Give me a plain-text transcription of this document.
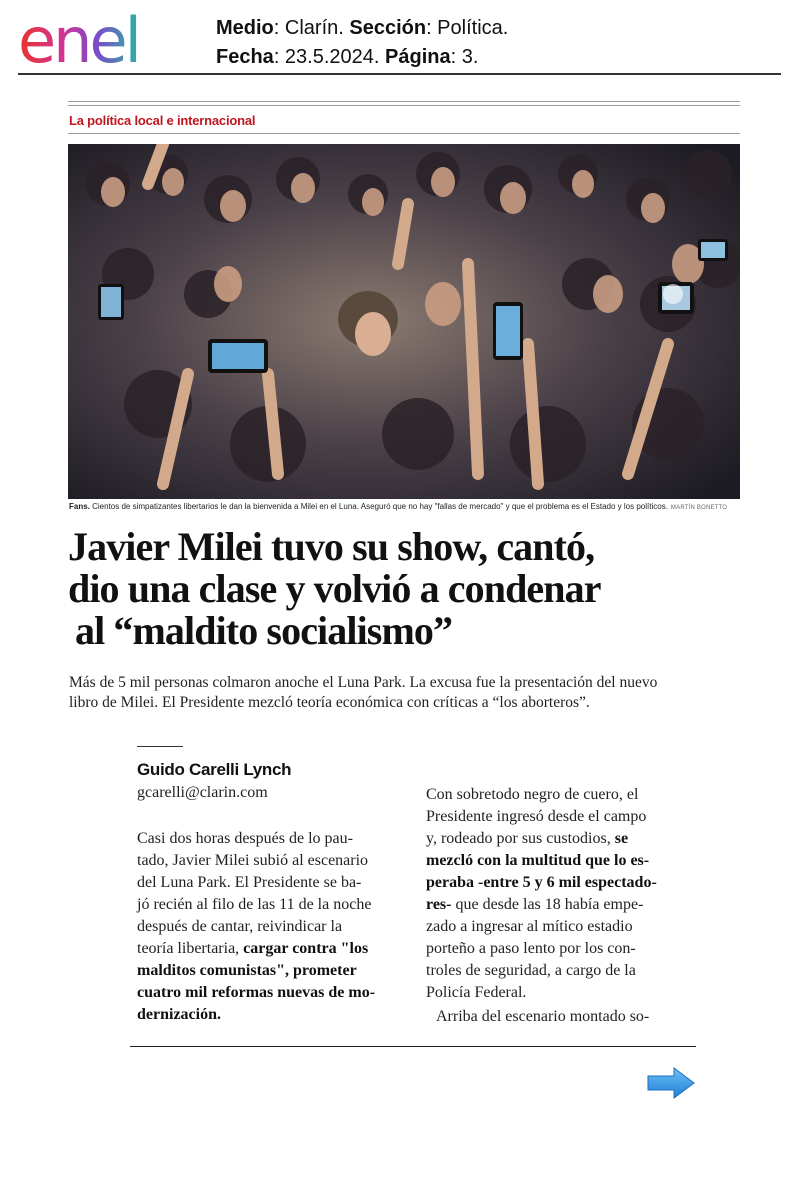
enel	Medio: Clarín. Sección: Política.
Fecha: 23.5.2024. Página: 3.
La política local e internacional
Fans. Cientos de simpatizantes libertarios le dan la bienvenida a Milei en el Luna. Aseguró que no hay "fallas de mercado" y que el problema es el Estado y los políticos. MARTÍN BONETTO
Javier Milei tuvo su show, cantó,
dio una clase y volvió a condenar
al “maldito socialismo”
Más de 5 mil personas colmaron anoche el Luna Park. La excusa fue la presentación del nuevo
libro de Milei. El Presidente mezcló teoría económica con críticas a “los aborteros”.
Guido Carelli Lynch
gcarelli@clarin.com
Casi dos horas después de lo pau-
tado, Javier Milei subió al escenario
del Luna Park. El Presidente se ba-
jó recién al filo de las 11 de la noche
después de cantar, reivindicar la
teoría libertaria, cargar contra "los
malditos comunistas", prometer
cuatro mil reformas nuevas de mo-
dernización.
Con sobretodo negro de cuero, el
Presidente ingresó desde el campo
y, rodeado por sus custodios, se
mezcló con la multitud que lo es-
peraba -entre 5 y 6 mil espectado-
res- que desde las 18 había empe-
zado a ingresar al mítico estadio
porteño a paso lento por los con-
troles de seguridad, a cargo de la
Policía Federal.
Arriba del escenario montado so-
